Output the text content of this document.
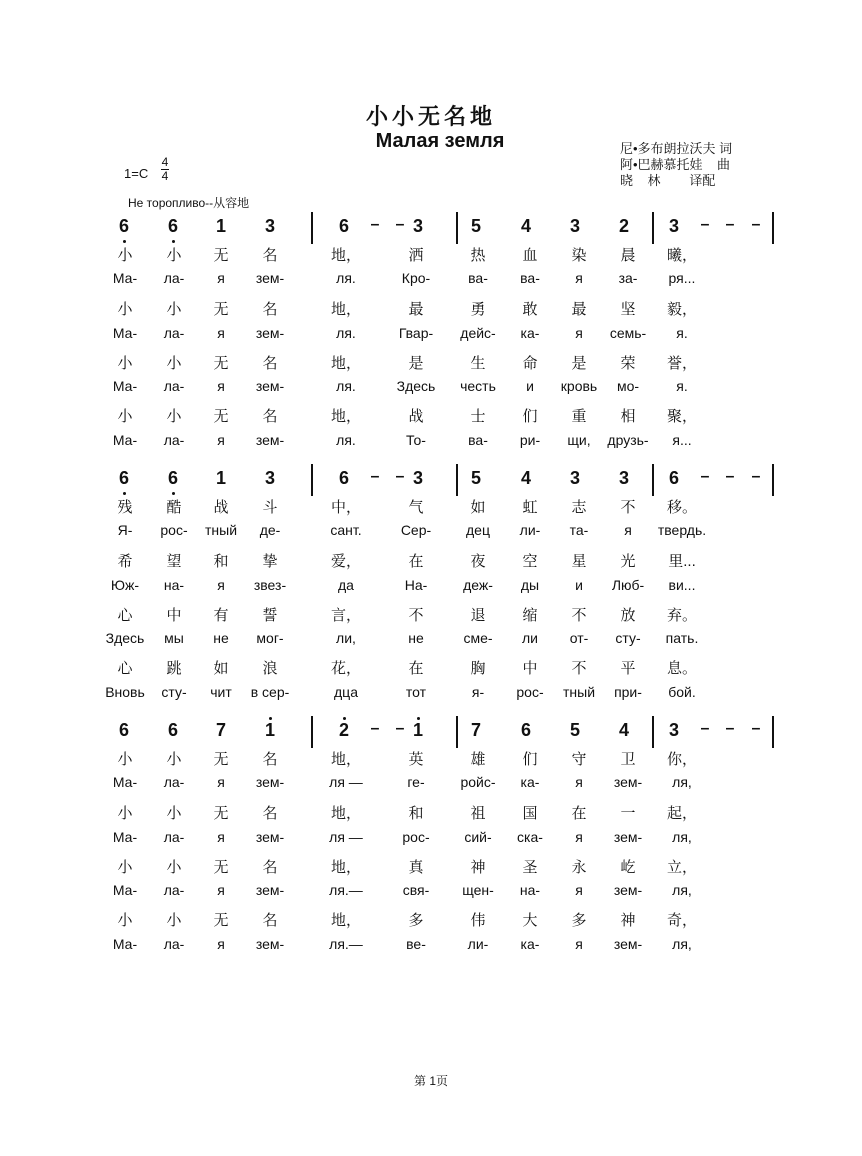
小小无名地
Малая земля	尼•多布朗拉沃夫 词
阿•巴赫慕托娃    曲
晓    林        译配
1=C
4
4
Не торопливо--从容地
6 6 1 3	6	– – 3	5 4 3 2 3	– – –
小	小	无	名	地，	洒	热	血	染	晨	曦，
Ма-	ла-	я	зем-	ля.	Кро-	ва-	ва-	я	за-	ря...
小	小	无	名	地，	最	勇	敢	最	坚	毅，
Ма-	ла-	я	зем-	ля.	Гвар-	дейс-	ка-	я	семь-	я.
小	小	无	名	地，	是	生	命	是	荣	誉，
Ма-	ла-	я	зем-	ля.	Здесь	честь	и	кровь	мо-	я.
小	小	无	名	地，	战	士	们	重	相	聚，
Ма-	ла-	я	зем-	ля.	То-	ва-	ри-	щи,	друзь-	я...
6 6 1 3	6	– – 3	5 4 3 3 6	– – –
残	酷	战	斗	中，	气	如	虹	志	不	移。
Я-	рос-	тный	де-	сант.	Сер-	дец	ли-	та-	я	твердь.
希	望	和	挚	爱，	在	夜	空	星	光	里...
Юж-	на-	я	звез-	да	На-	деж-	ды	и	Люб-	ви...
心	中	有	誓	言，	不	退	缩	不	放	弃。
Здесь	мы	не	мог-	ли,	не	сме-	ли	от-	сту-	пать.
心	跳	如	浪	花，	在	胸	中	不	平	息。
Вновь	сту-	чит	в сер-	дца	тот	я-	рос-	тный	при-	бой.
6 6 7 1	2	– – 1	7 6 5 4 3	– – –
小	小	无	名	地，	英	雄	们	守	卫	你，
Ма-	ла-	я	зем-	ля —	ге-	ройс-	ка-	я	зем-	ля,
小	小	无	名	地，	和	祖	国	在	一	起，
Ма-	ла-	я	зем-	ля —	рос-	сий-	ска-	я	зем-	ля,
小	小	无	名	地，	真	神	圣	永	屹	立，
Ма-	ла-	я	зем-	ля.—	свя-	щен-	на-	я	зем-	ля,
小	小	无	名	地，	多	伟	大	多	神	奇，
Ма-	ла-	я	зем-	ля.—	ве-	ли-	ка-	я	зем-	ля,
第 1页
